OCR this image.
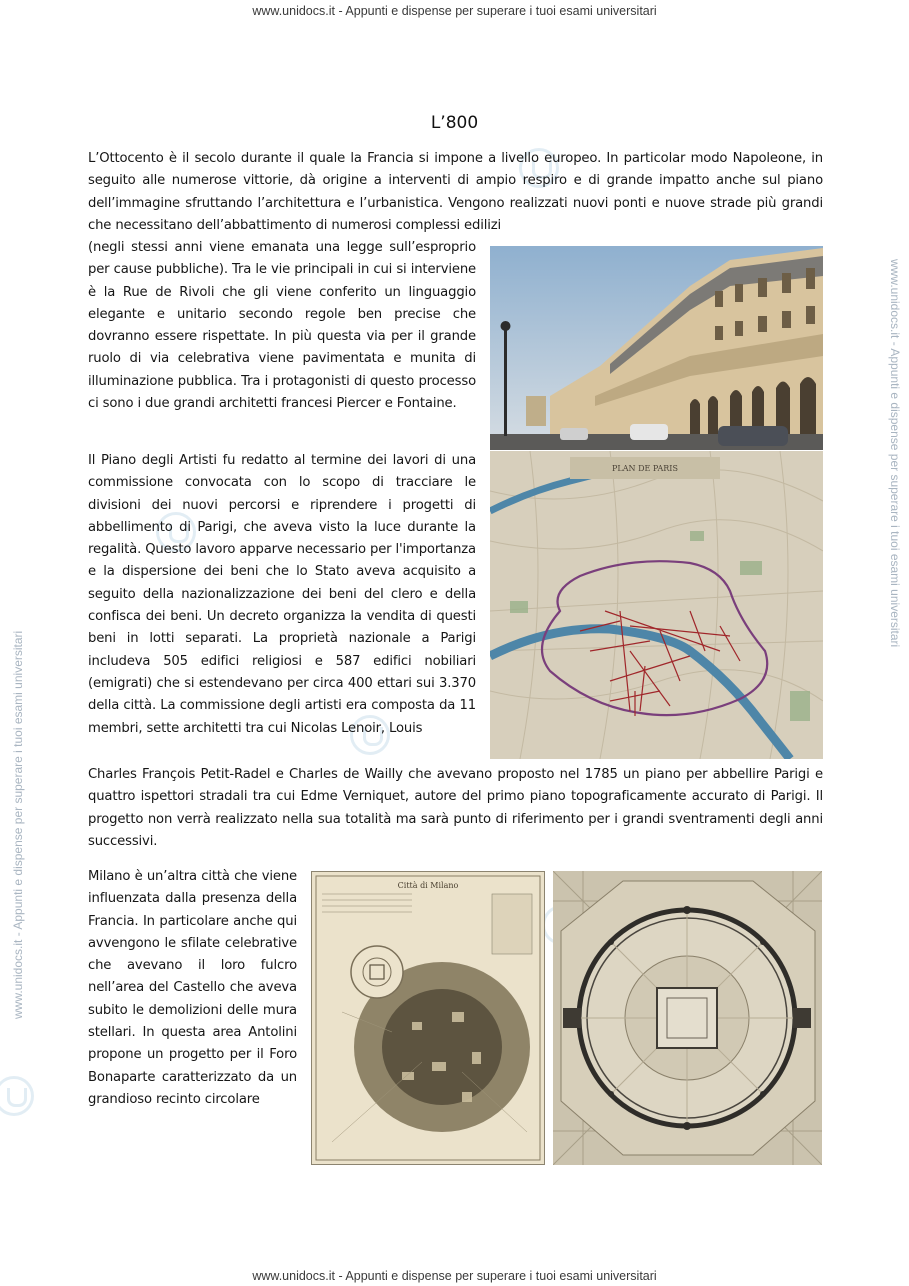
www.unidocs.it - Appunti e dispense per superare i tuoi esami universitari
www.unidocs.it - Appunti e dispense per superare i tuoi esami universitari
www.unidocs.it - Appunti e dispense per superare i tuoi esami universitari
www.unidocs.it - Appunti e dispense per superare i tuoi esami universitari
L’800
L’Ottocento è il secolo durante il quale la Francia si impone a livello europeo. In particolar modo Napoleone, in seguito alle numerose vittorie, dà origine a interventi di ampio respiro e di grande impatto anche sul piano dell’immagine sfruttando l’architettura e l’urbanistica. Vengono realizzati nuovi ponti e nuove strade più grandi che necessitano dell’abbattimento di numerosi complessi edilizi
(negli stessi anni viene emanata una legge sull’esproprio per cause pubbliche). Tra le vie principali in cui si interviene è la Rue de Rivoli che gli viene conferito un linguaggio elegante e unitario secondo regole ben precise che dovranno essere rispettate. In più questa via per il grande ruolo di via celebrativa viene pavimentata e munita di illuminazione pubblica. Tra i protagonisti di questo processo ci sono i due grandi architetti francesi Piercer e Fontaine.
Il Piano degli Artisti fu redatto al termine dei lavori di una commissione convocata con lo scopo di tracciare le divisioni dei nuovi percorsi e riprendere i progetti di abbellimento di Parigi, che aveva visto la luce durante la regalità. Questo lavoro apparve necessario per l'importanza e la dispersione dei beni che lo Stato aveva acquisito a seguito della nazionalizzazione dei beni del clero e della confisca dei beni. Un decreto organizza la vendita di questi beni in lotti separati. La proprietà nazionale a Parigi includeva 505 edifici religiosi e 587 edifici nobiliari (emigrati) che si estendevano per circa 400 ettari sui 3.370 della città. La commissione degli artisti era composta da 11 membri, sette architetti tra cui Nicolas Lenoir, Louis
Charles François Petit-Radel e Charles de Wailly che avevano proposto nel 1785 un piano per abbellire Parigi e quattro ispettori stradali tra cui Edme Verniquet, autore del primo piano topograficamente accurato di Parigi. Il progetto non verrà realizzato nella sua totalità ma sarà punto di riferimento per i grandi sventramenti degli anni successivi.
PLAN DE PARIS
Milano è un’altra città che viene influenzata dalla presenza della Francia. In particolare anche qui avvengono le sfilate celebrative che avevano il loro fulcro nell’area del Castello che aveva subito le demolizioni delle mura stellari. In questa area Antolini propone un progetto per il Foro Bonaparte caratterizzato da un grandioso recinto circolare
Città di Milano
